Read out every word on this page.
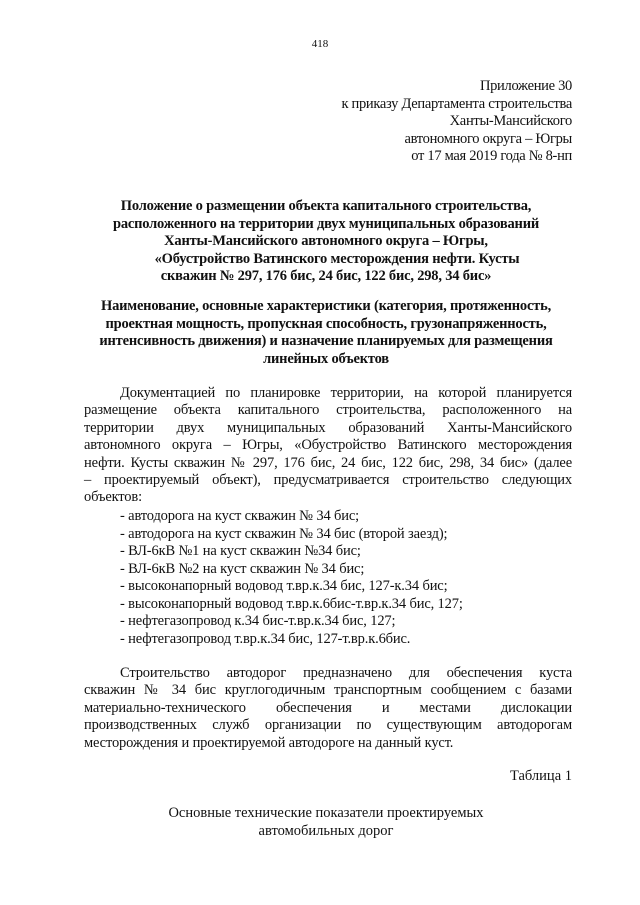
418
Приложение 30
к приказу Департамента строительства
Ханты-Мансийского
автономного округа – Югры
от 17 мая 2019 года № 8-нп
Положение о размещении объекта капитального строительства,
расположенного на территории двух муниципальных образований
Ханты-Мансийского автономного округа – Югры,
«Обустройство Ватинского месторождения нефти. Кусты
скважин № 297, 176 бис, 24 бис, 122 бис, 298, 34 бис»
Наименование, основные характеристики (категория, протяженность,
проектная мощность, пропускная способность, грузонапряженность,
интенсивность движения) и назначение планируемых для размещения
линейных объектов
Документацией по планировке территории, на которой планируется
размещение объекта капитального строительства, расположенного на
территории двух муниципальных образований Ханты-Мансийского
автономного округа – Югры, «Обустройство Ватинского месторождения
нефти. Кусты скважин № 297, 176 бис, 24 бис, 122 бис, 298, 34 бис» (далее
– проектируемый объект), предусматривается строительство следующих
объектов:
- автодорога на куст скважин № 34 бис;
- автодорога на куст скважин № 34 бис (второй заезд);
- ВЛ-6кВ №1 на куст скважин №34 бис;
- ВЛ-6кВ №2 на куст скважин № 34 бис;
- высоконапорный водовод т.вр.к.34 бис, 127-к.34 бис;
- высоконапорный водовод т.вр.к.6бис-т.вр.к.34 бис, 127;
- нефтегазопровод к.34 бис-т.вр.к.34 бис, 127;
- нефтегазопровод т.вр.к.34 бис, 127-т.вр.к.6бис.
Строительство автодорог предназначено для обеспечения куста
скважин № 34 бис круглогодичным транспортным сообщением с базами
материально-технического обеспечения и местами дислокации
производственных служб организации по существующим автодорогам
месторождения и проектируемой автодороге на данный куст.
Таблица 1
Основные технические показатели проектируемых
автомобильных дорог
